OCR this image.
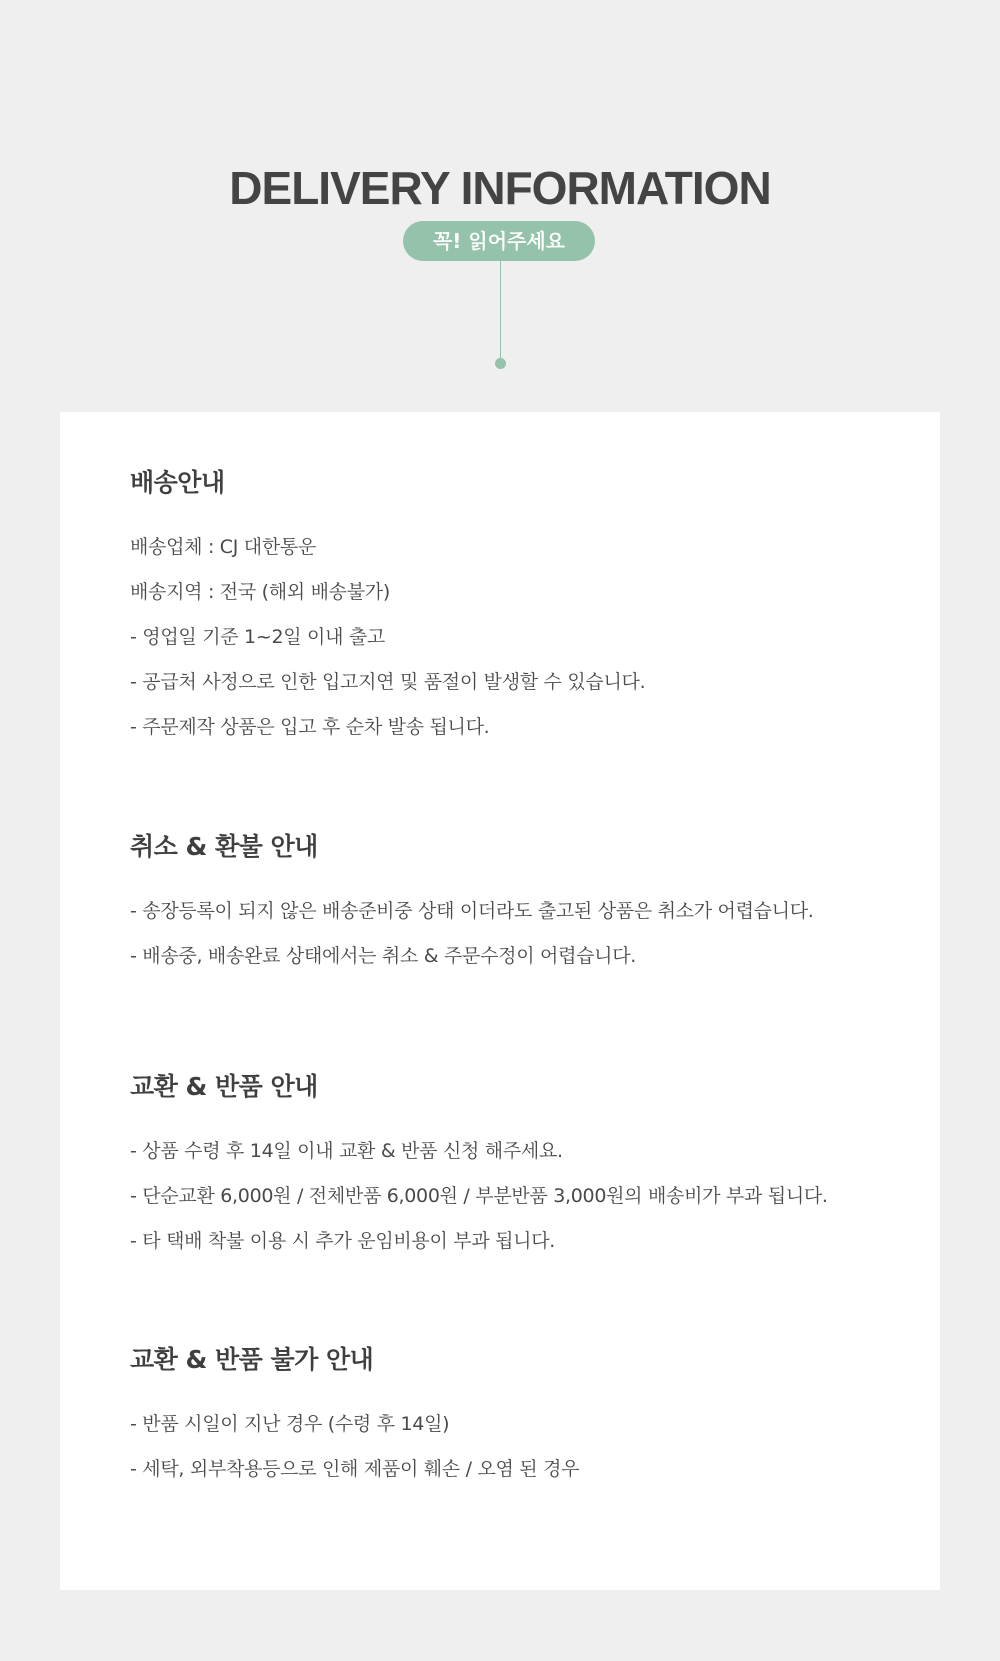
DELIVERY INFORMATION
꼭! 읽어주세요
배송안내
배송업체 : CJ 대한통운
배송지역 : 전국 (해외 배송불가)
- 영업일 기준 1~2일 이내 출고
- 공급처 사정으로 인한 입고지연 및 품절이 발생할 수 있습니다.
- 주문제작 상품은 입고 후 순차 발송 됩니다.
취소 & 환불 안내
- 송장등록이 되지 않은 배송준비중 상태 이더라도 출고된 상품은 취소가 어렵습니다.
- 배송중, 배송완료 상태에서는 취소 & 주문수정이 어렵습니다.
교환 & 반품 안내
- 상품 수령 후 14일 이내 교환 & 반품 신청 해주세요.
- 단순교환 6,000원 / 전체반품 6,000원 / 부분반품 3,000원의 배송비가 부과 됩니다.
- 타 택배 착불 이용 시 추가 운임비용이 부과 됩니다.
교환 & 반품 불가 안내
- 반품 시일이 지난 경우 (수령 후 14일)
- 세탁, 외부착용등으로 인해 제품이 훼손 / 오염 된 경우
